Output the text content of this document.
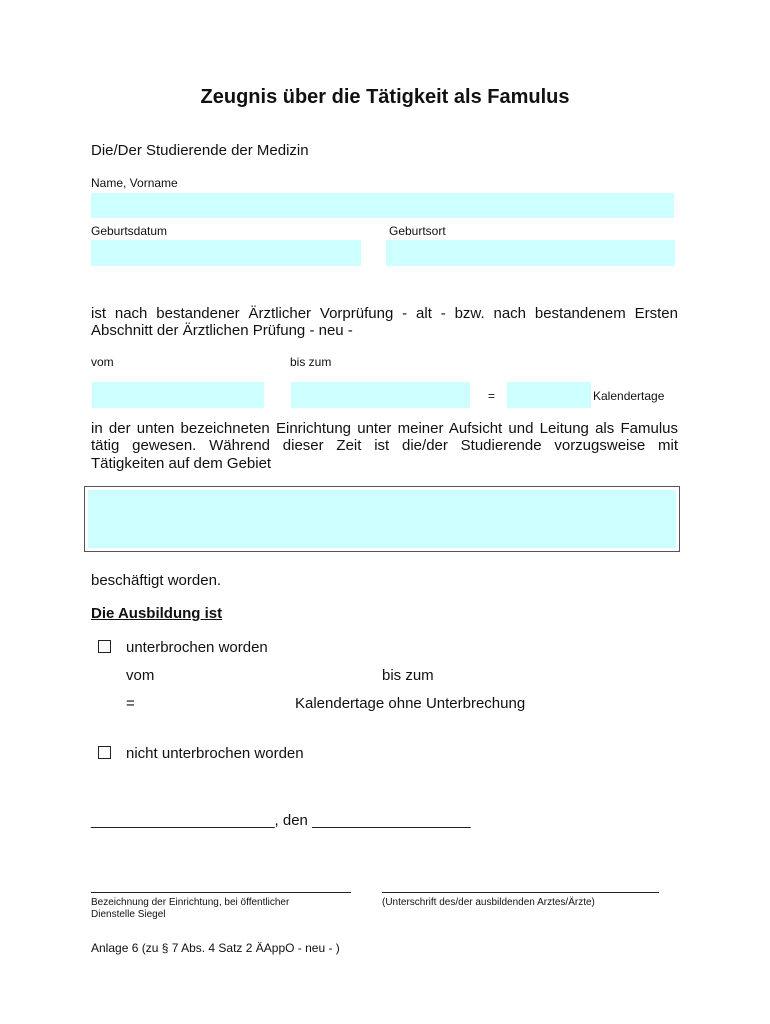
Zeugnis über die Tätigkeit als Famulus
Die/Der Studierende der Medizin
Name, Vorname
Geburtsdatum	Geburtsort
ist nach bestandener Ärztlicher Vorprüfung - alt - bzw. nach bestandenem Ersten
Abschnitt der Ärztlichen Prüfung - neu -
vom	bis zum
=	Kalendertage
in der unten bezeichneten Einrichtung unter meiner Aufsicht und Leitung als Famulus
tätig gewesen. Während dieser Zeit ist die/der Studierende vorzugsweise mit
Tätigkeiten auf dem Gebiet
beschäftigt worden.
Die Ausbildung ist
unterbrochen worden
vom	bis zum
=	Kalendertage ohne Unterbrechung
nicht unterbrochen worden
______________________, den ___________________
Bezeichnung der Einrichtung, bei öffentlicher
Dienstelle Siegel
(Unterschrift des/der ausbildenden Arztes/Ärzte)
Anlage 6 (zu § 7 Abs. 4 Satz 2 ÄAppO - neu - )
